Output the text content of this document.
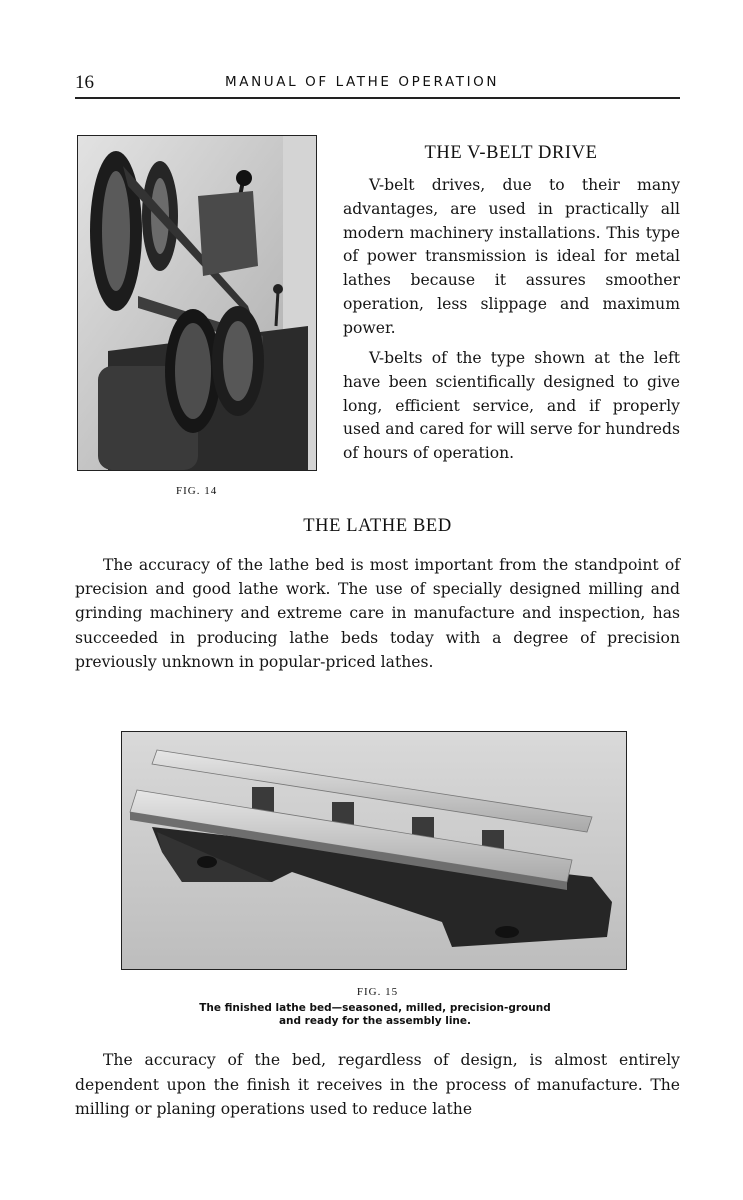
16	MANUAL OF LATHE OPERATION
FIG. 14
THE V-BELT DRIVE

V-belt drives, due to their many advantages, are used in practically all modern machinery installations. This type of power transmission is ideal for metal lathes because it assures smoother operation, less slippage and maximum power.

V-belts of the type shown at the left have been scientifically designed to give long, efficient service, and if properly used and cared for will serve for hundreds of hours of operation.

THE LATHE BED

The accuracy of the lathe bed is most important from the standpoint of precision and good lathe work. The use of specially designed milling and grinding machinery and extreme care in manufacture and inspection, has succeeded in producing lathe beds today with a degree of precision previously unknown in popular-priced lathes.

FIG. 15
The finished lathe bed—seasoned, milled, precision-ground
and ready for the assembly line.

The accuracy of the bed, regardless of design, is almost entirely dependent upon the finish it receives in the process of manufacture. The milling or planing operations used to reduce lathe
